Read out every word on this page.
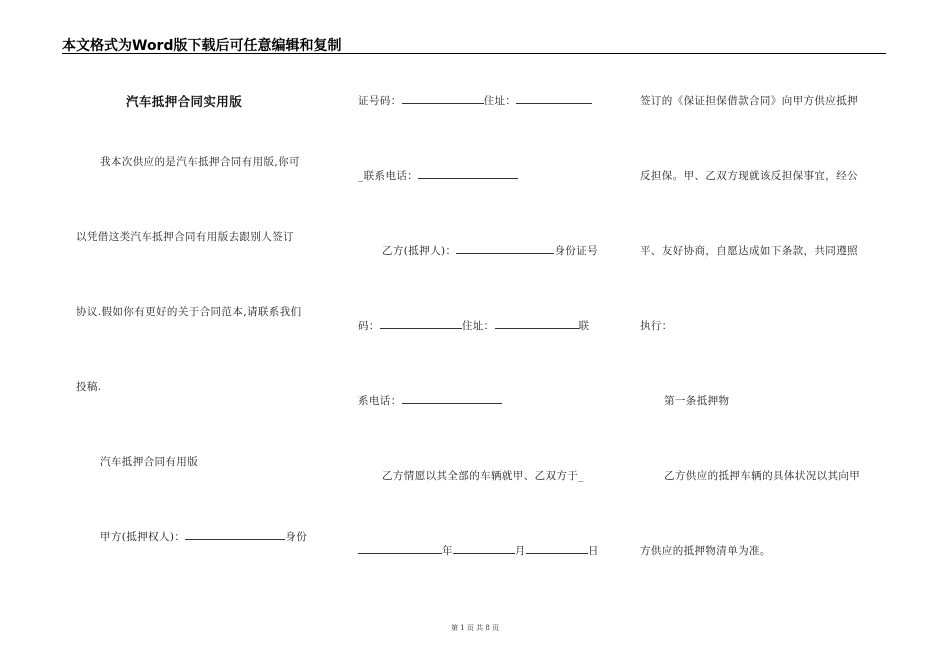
本文格式为Word版下载后可任意编辑和复制
汽车抵押合同实用版
我本次供应的是汽车抵押合同有用版,你可
以凭借这类汽车抵押合同有用版去跟别人签订
协议.假如你有更好的关于合同范本,请联系我们
投稿.
汽车抵押合同有用版
甲方(抵押权人)：	身份
证号码：	住址：
_联系电话：
乙方(抵押人)：	身份证号
码：	住址：	联
系电话：
乙方情愿以其全部的车辆就甲、乙双方于_
年	月	日
签订的《保证担保借款合同》向甲方供应抵押
反担保。甲、乙双方现就该反担保事宜，经公
平、友好协商，自愿达成如下条款，共同遵照
执行：
第一条抵押物
乙方供应的抵押车辆的具体状况以其向甲
方供应的抵押物清单为准。
第 1 页 共 8 页
